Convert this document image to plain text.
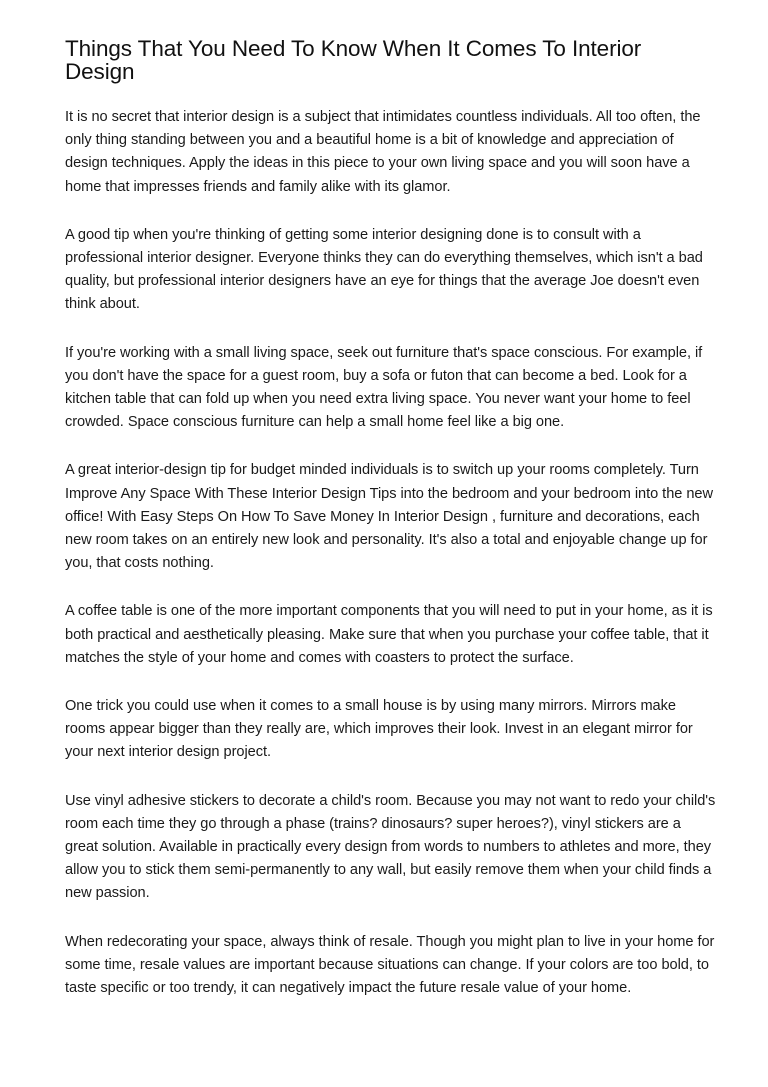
Things That You Need To Know When It Comes To Interior Design

It is no secret that interior design is a subject that intimidates countless individuals. All too often, the only thing standing between you and a beautiful home is a bit of knowledge and appreciation of design techniques. Apply the ideas in this piece to your own living space and you will soon have a home that impresses friends and family alike with its glamor.

A good tip when you're thinking of getting some interior designing done is to consult with a professional interior designer. Everyone thinks they can do everything themselves, which isn't a bad quality, but professional interior designers have an eye for things that the average Joe doesn't even think about.

If you're working with a small living space, seek out furniture that's space conscious. For example, if you don't have the space for a guest room, buy a sofa or futon that can become a bed. Look for a kitchen table that can fold up when you need extra living space. You never want your home to feel crowded. Space conscious furniture can help a small home feel like a big one.

A great interior-design tip for budget minded individuals is to switch up your rooms completely. Turn Improve Any Space With These Interior Design Tips into the bedroom and your bedroom into the new office! With Easy Steps On How To Save Money In Interior Design , furniture and decorations, each new room takes on an entirely new look and personality. It's also a total and enjoyable change up for you, that costs nothing.

A coffee table is one of the more important components that you will need to put in your home, as it is both practical and aesthetically pleasing. Make sure that when you purchase your coffee table, that it matches the style of your home and comes with coasters to protect the surface.

One trick you could use when it comes to a small house is by using many mirrors. Mirrors make rooms appear bigger than they really are, which improves their look. Invest in an elegant mirror for your next interior design project.

Use vinyl adhesive stickers to decorate a child's room. Because you may not want to redo your child's room each time they go through a phase (trains? dinosaurs? super heroes?), vinyl stickers are a great solution. Available in practically every design from words to numbers to athletes and more, they allow you to stick them semi-permanently to any wall, but easily remove them when your child finds a new passion.

When redecorating your space, always think of resale. Though you might plan to live in your home for some time, resale values are important because situations can change. If your colors are too bold, to taste specific or too trendy, it can negatively impact the future resale value of your home.
